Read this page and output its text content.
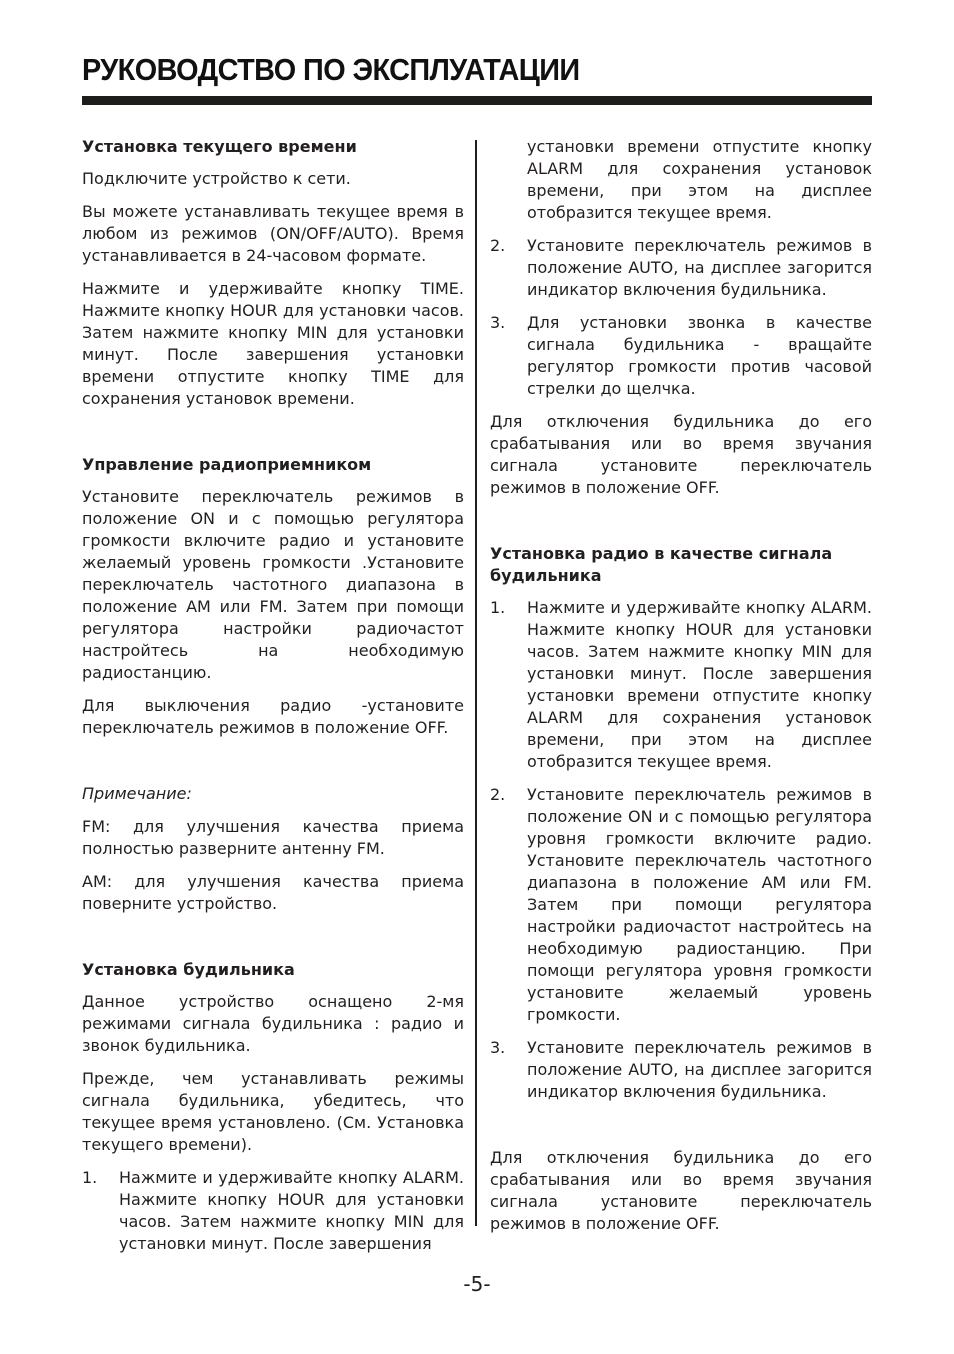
РУКОВОДСТВО ПО ЭКСПЛУАТАЦИИ
Установка текущего времени

Подключите устройство к сети.

Вы можете устанавливать текущее время в любом из режимов (ON/OFF/AUTO). Время устанавливается в 24-часовом формате.

Нажмите и удерживайте кнопку TIME. Нажмите кнопку HOUR для установки часов. Затем нажмите кнопку MIN для установки минут. После завершения установки времени отпустите кнопку TIME для сохранения установок времени.

Управление радиоприемником

Установите переключатель режимов в положение ON и с помощью регулятора громкости включите радио и установите желаемый уровень громкости .Установите переключатель частотного диапазона в положение AM или FM. Затем при помощи регулятора настройки радиочастот настройтесь на необходимую радиостанцию.

Для выключения радио -установите переключатель режимов в положение OFF.

Примечание:

FM: для улучшения качества приема полностью разверните антенну FM.

AM: для улучшения качества приема поверните устройство.

Установка будильника

Данное устройство оснащено 2-мя режимами сигнала будильника : радио и звонок будильника.

Прежде, чем устанавливать режимы сигнала будильника, убедитесь, что текущее время установлено. (См. Установка текущего времени).

1.	Нажмите и удерживайте кнопку ALARM. Нажмите кнопку HOUR для установки часов. Затем нажмите кнопку MIN для установки минут. После завершения

установки времени отпустите кнопку ALARM для сохранения установок времени, при этом на дисплее отобразится текущее время.

2.	Установите переключатель режимов в положение AUTO, на дисплее загорится индикатор включения будильника.
3.	Для установки звонка в качестве сигнала будильника - вращайте регулятор громкости против часовой стрелки до щелчка.

Для отключения будильника до его срабатывания или во время звучания сигнала установите переключатель режимов в положение OFF.

Установка радио в качестве сигнала будильника
1.	Нажмите и удерживайте кнопку ALARM. Нажмите кнопку HOUR для установки часов. Затем нажмите кнопку MIN для установки минут. После завершения установки времени отпустите кнопку ALARM для сохранения установок времени, при этом на дисплее отобразится текущее время.
2.	Установите переключатель режимов в положение ON и с помощью регулятора уровня громкости включите радио. Установите переключатель частотного диапазона в положение AM или FM. Затем при помощи регулятора настройки радиочастот настройтесь на необходимую радиостанцию. При помощи регулятора уровня громкости установите желаемый уровень громкости.
3.	Установите переключатель режимов в положение AUTO, на дисплее загорится индикатор включения будильника.

Для отключения будильника до его срабатывания или во время звучания сигнала установите переключатель режимов в положение OFF.

-5-
